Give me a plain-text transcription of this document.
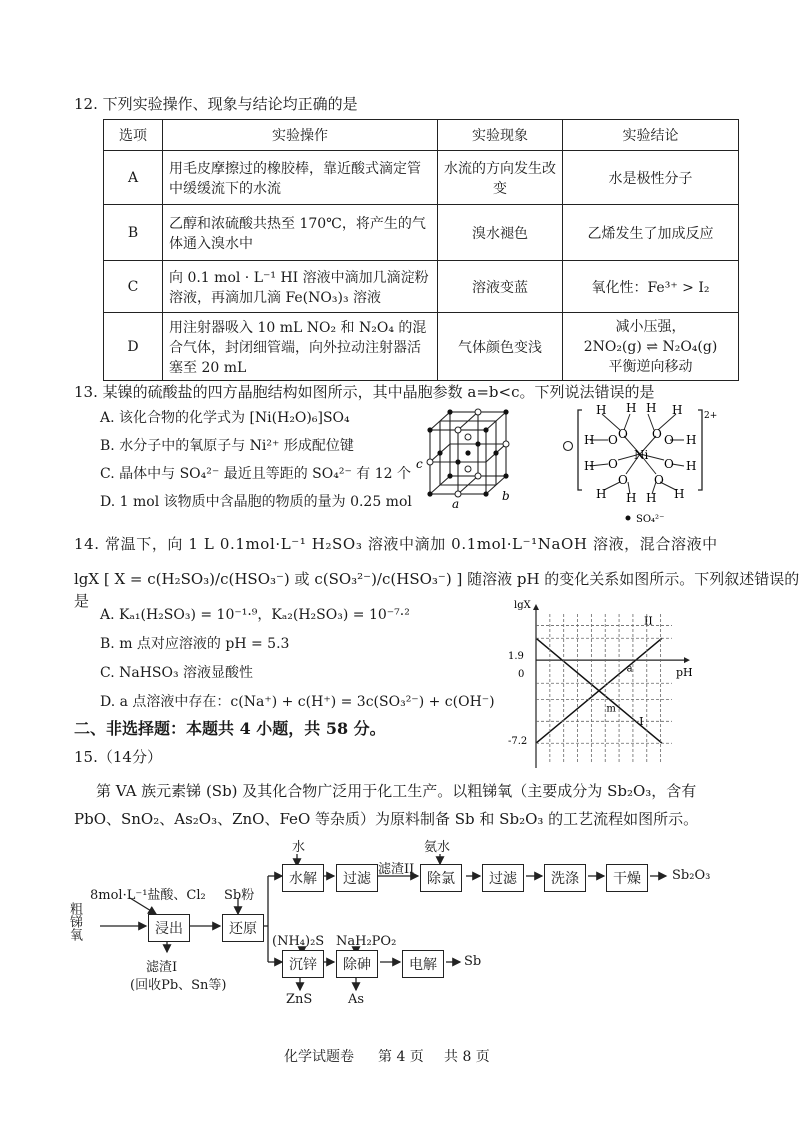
12. 下列实验操作、现象与结论均正确的是
选项	实验操作	实验现象	实验结论
A	用毛皮摩擦过的橡胶棒，靠近酸式滴定管中缓缓流下的水流	水流的方向发生改变	水是极性分子
B	乙醇和浓硫酸共热至 170℃，将产生的气体通入溴水中	溴水褪色	乙烯发生了加成反应
C	向 0.1 mol · L⁻¹ HI 溶液中滴加几滴淀粉溶液，再滴加几滴 Fe(NO₃)₃ 溶液	溶液变蓝	氧化性：Fe³⁺ > I₂
D	用注射器吸入 10 mL NO₂ 和 N₂O₄ 的混合气体，封闭细管端，向外拉动注射器活塞至 20 mL	气体颜色变浅	减小压强，
2NO₂(g) ⇌ N₂O₄(g)
平衡逆向移动
13. 某镍的硫酸盐的四方晶胞结构如图所示，其中晶胞参数 a=b<c。下列说法错误的是
A. 该化合物的化学式为 [Ni(H₂O)₆]SO₄
B. 水分子中的氧原子与 Ni²⁺ 形成配位键
C. 晶体中与 SO₄²⁻ 最近且等距的 SO₄²⁻ 有 12 个
D. 1 mol 该物质中含晶胞的物质的量为 0.25 mol
c
a
b
2+
Ni
H H H H
O O
H O	O H
H O	O H
O O
H H H H
SO₄²⁻
14. 常温下，向 1 L 0.1mol·L⁻¹ H₂SO₃ 溶液中滴加 0.1mol·L⁻¹NaOH 溶液，混合溶液中
lgX [ X = c(H₂SO₃)/c(HSO₃⁻) 或 c(SO₃²⁻)/c(HSO₃⁻) ] 随溶液 pH 的变化关系如图所示。下列叙述错误的是
A. Kₐ₁(H₂SO₃) = 10⁻¹·⁹，Kₐ₂(H₂SO₃) = 10⁻⁷·²
B. m 点对应溶液的 pH = 5.3
C. NaHSO₃ 溶液显酸性
D. a 点溶液中存在：c(Na⁺) + c(H⁺) = 3c(SO₃²⁻) + c(OH⁻)
lgX
pH
1.9
0
-7.2
m
a
I
II
二、非选择题：本题共 4 小题，共 58 分。
15.（14分）
第 VA 族元素锑 (Sb) 及其化合物广泛用于化工生产。以粗锑氧（主要成分为 Sb₂O₃，含有
PbO、SnO₂、As₂O₃、ZnO、FeO 等杂质）为原料制备 Sb 和 Sb₂O₃ 的工艺流程如图所示。
水	氨水
8mol·L⁻¹盐酸、Cl₂ Sb粉
粗锑氧	浸出	还原
水解	过滤
滤渣II
除氯	过滤	洗涤	干燥	Sb₂O₃
滤渣I
(回收Pb、Sn等)
(NH₄)₂S NaH₂PO₂
沉锌	除砷	电解	Sb
ZnS	As
化学试题卷 第 4 页 共 8 页
